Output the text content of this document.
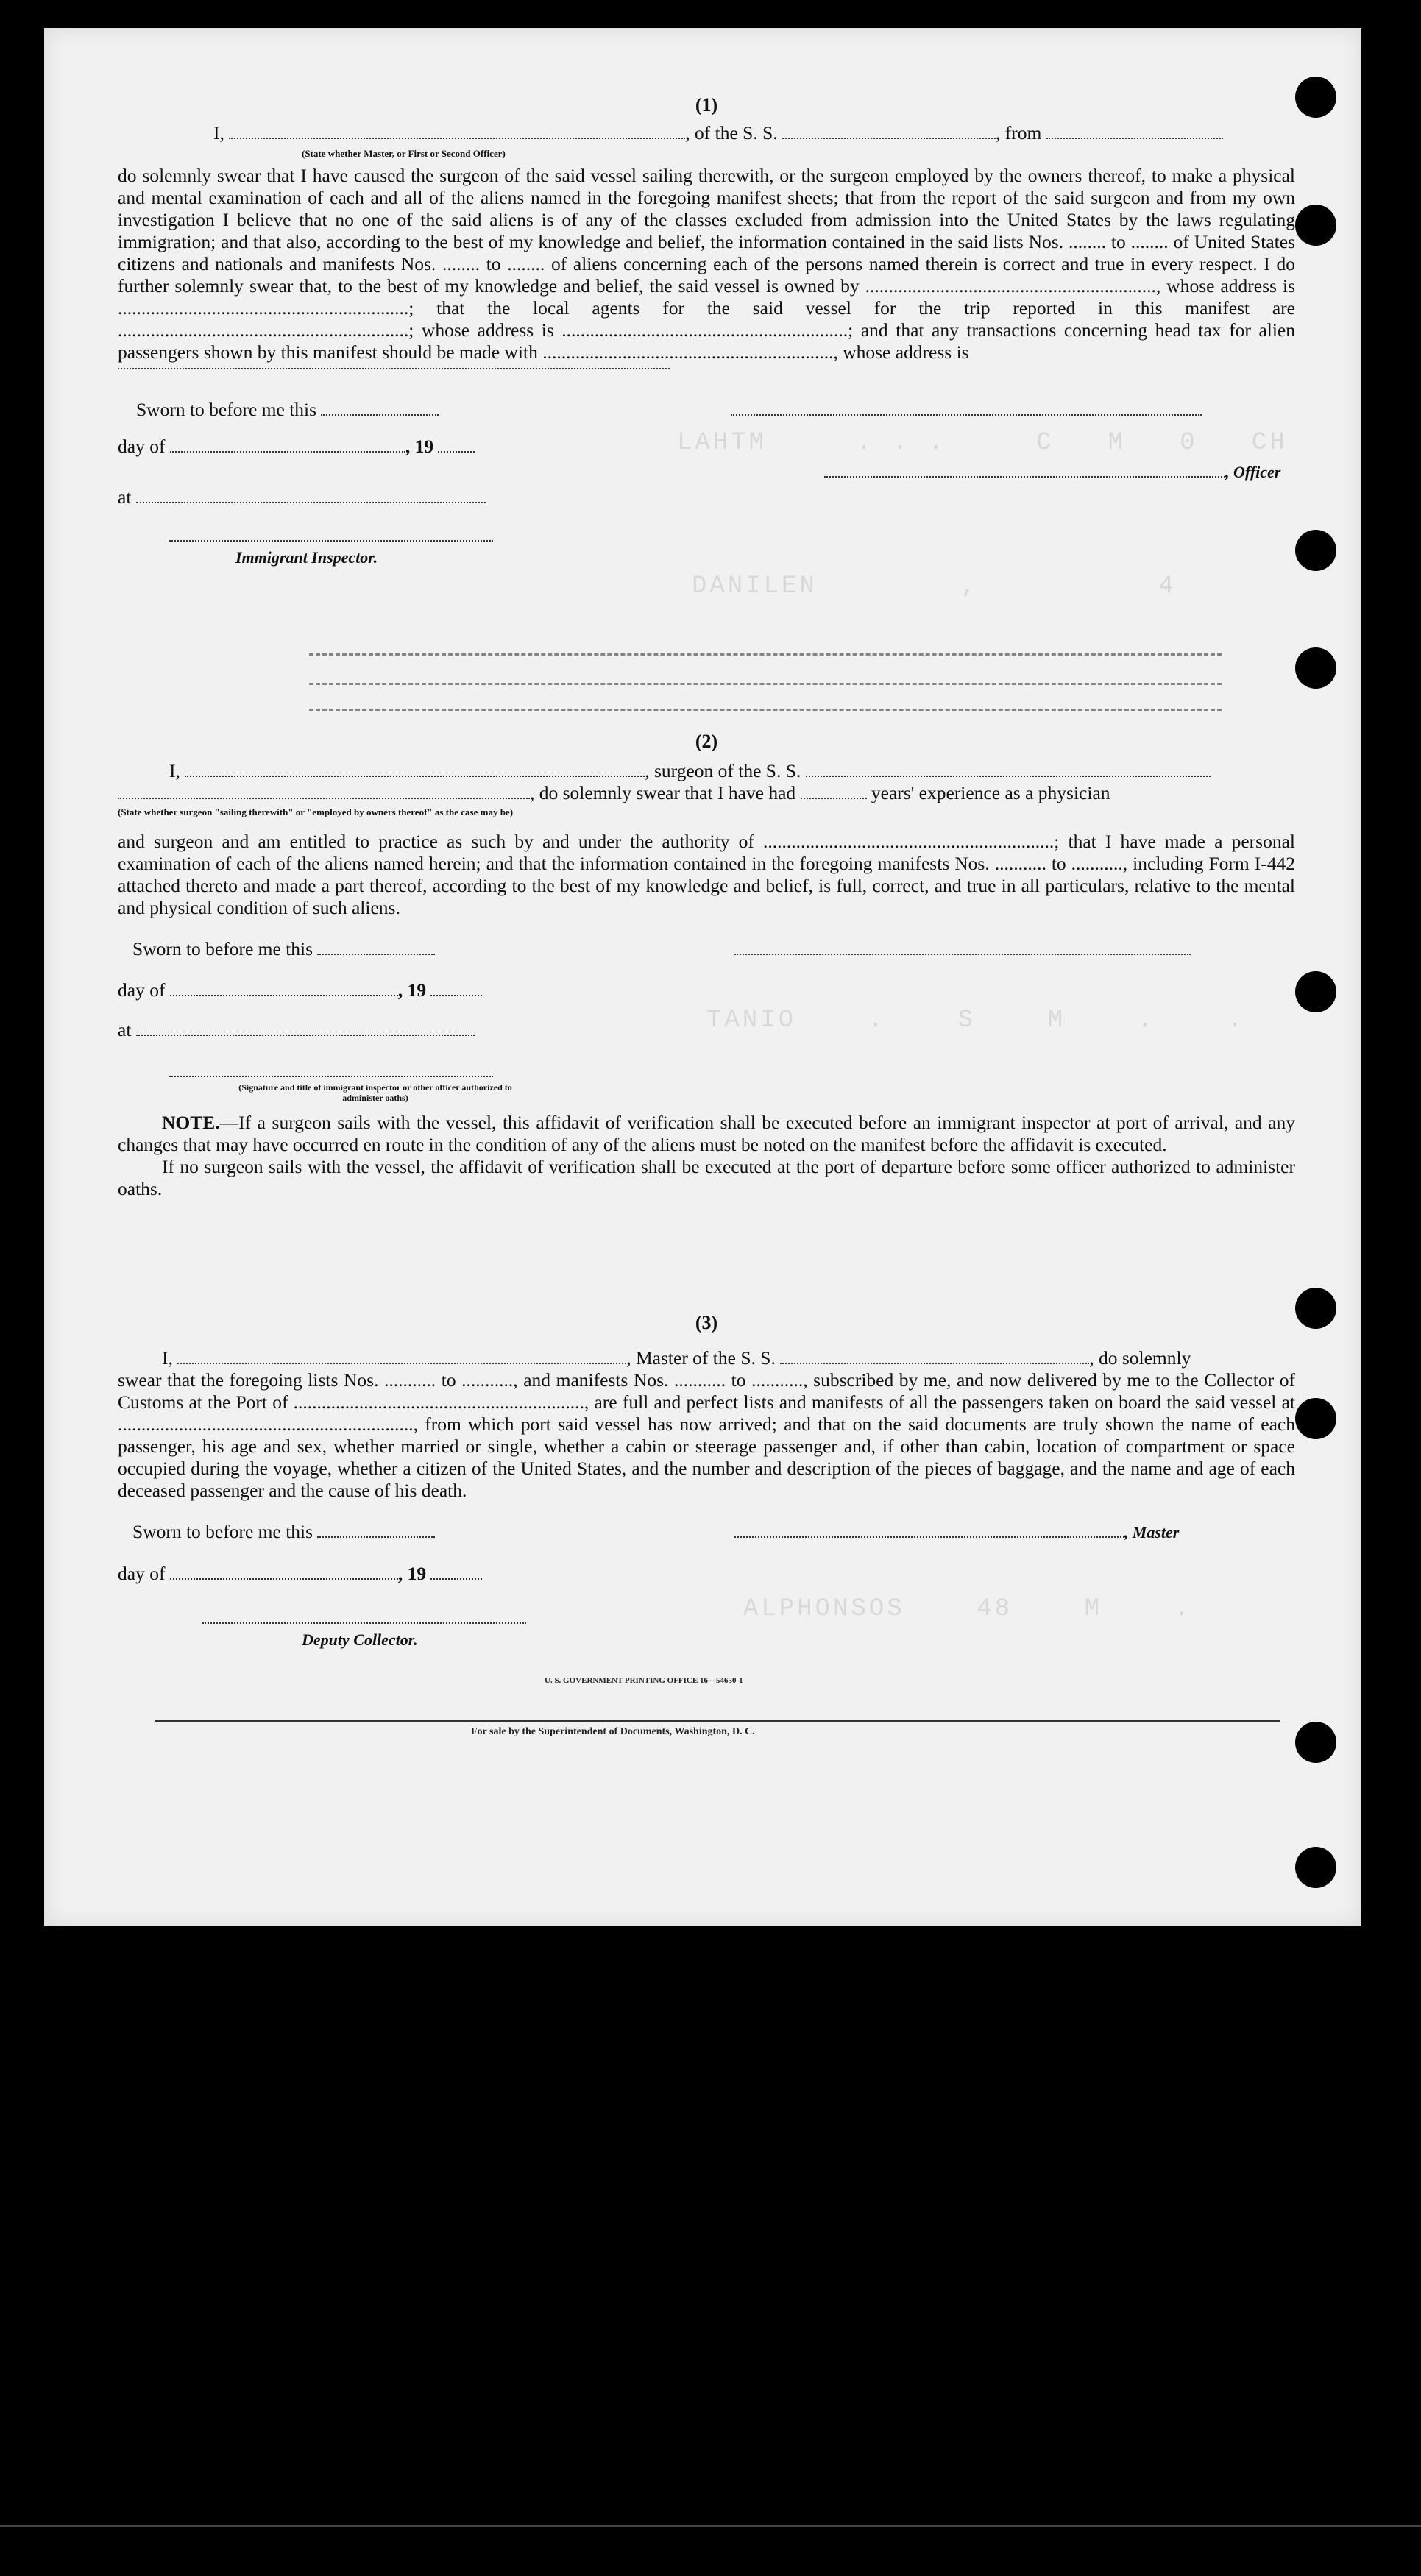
LAHTM     . . .     C   M   0   CH
DANILEN        ,          4
TANIO    .    S    M    .    .
ALPHONSOS    48    M    .
(1)
I,	, of the S. S.	, from
(State whether Master, or First or Second Officer)
do solemnly swear that I have caused the surgeon of the said vessel sailing therewith, or the surgeon employed by the owners thereof, to make a physical and mental examination of each and all of the aliens named in the foregoing manifest sheets; that from the report of the said surgeon and from my own investigation I believe that no one of the said aliens is of any of the classes excluded from admission into the United States by the laws regulating immigration; and that also, according to the best of my knowledge and belief, the information contained in the said lists Nos. ........ to ........ of United States citizens and nationals and manifests Nos. ........ to ........ of aliens concerning each of the persons named therein is correct and true in every respect. I do further solemnly swear that, to the best of my knowledge and belief, the said vessel is owned by .............................................................., whose address is ..............................................................; that the local agents for the said vessel for the trip reported in this manifest are ..............................................................; whose address is .............................................................; and that any transactions concerning head tax for alien passengers shown by this manifest should be made with .............................................................., whose address is
Sworn to before me this
day of	, 19
, Officer
at
Immigrant Inspector.
(2)
I,	, surgeon of the S. S.
, do solemnly swear that I have had	years' experience as a physician
(State whether surgeon "sailing therewith" or "employed by owners thereof" as the case may be)
and surgeon and am entitled to practice as such by and under the authority of ..............................................................; that I have made a personal examination of each of the aliens named herein; and that the information contained in the foregoing manifests Nos. ........... to ..........., including Form I-442 attached thereto and made a part thereof, according to the best of my knowledge and belief, is full, correct, and true in all particulars, relative to the mental and physical condition of such aliens.
Sworn to before me this
day of	, 19
at
(Signature and title of immigrant inspector or other officer authorized to administer oaths)
NOTE.—If a surgeon sails with the vessel, this affidavit of verification shall be executed before an immigrant inspector at port of arrival, and any changes that may have occurred en route in the condition of any of the aliens must be noted on the manifest before the affidavit is executed.
If no surgeon sails with the vessel, the affidavit of verification shall be executed at the port of departure before some officer authorized to administer oaths.
(3)
I,	, Master of the S. S.	, do solemnly
swear that the foregoing lists Nos. ........... to ..........., and manifests Nos. ........... to ..........., subscribed by me, and now delivered by me to the Collector of Customs at the Port of .............................................................., are full and perfect lists and manifests of all the passengers taken on board the said vessel at ..............................................................., from which port said vessel has now arrived; and that on the said documents are truly shown the name of each passenger, his age and sex, whether married or single, whether a cabin or steerage passenger and, if other than cabin, location of compartment or space occupied during the voyage, whether a citizen of the United States, and the number and description of the pieces of baggage, and the name and age of each deceased passenger and the cause of his death.
Sworn to before me this	, Master
day of	, 19
Deputy Collector.
U. S. GOVERNMENT PRINTING OFFICE 16—54650-1
For sale by the Superintendent of Documents, Washington, D. C.
